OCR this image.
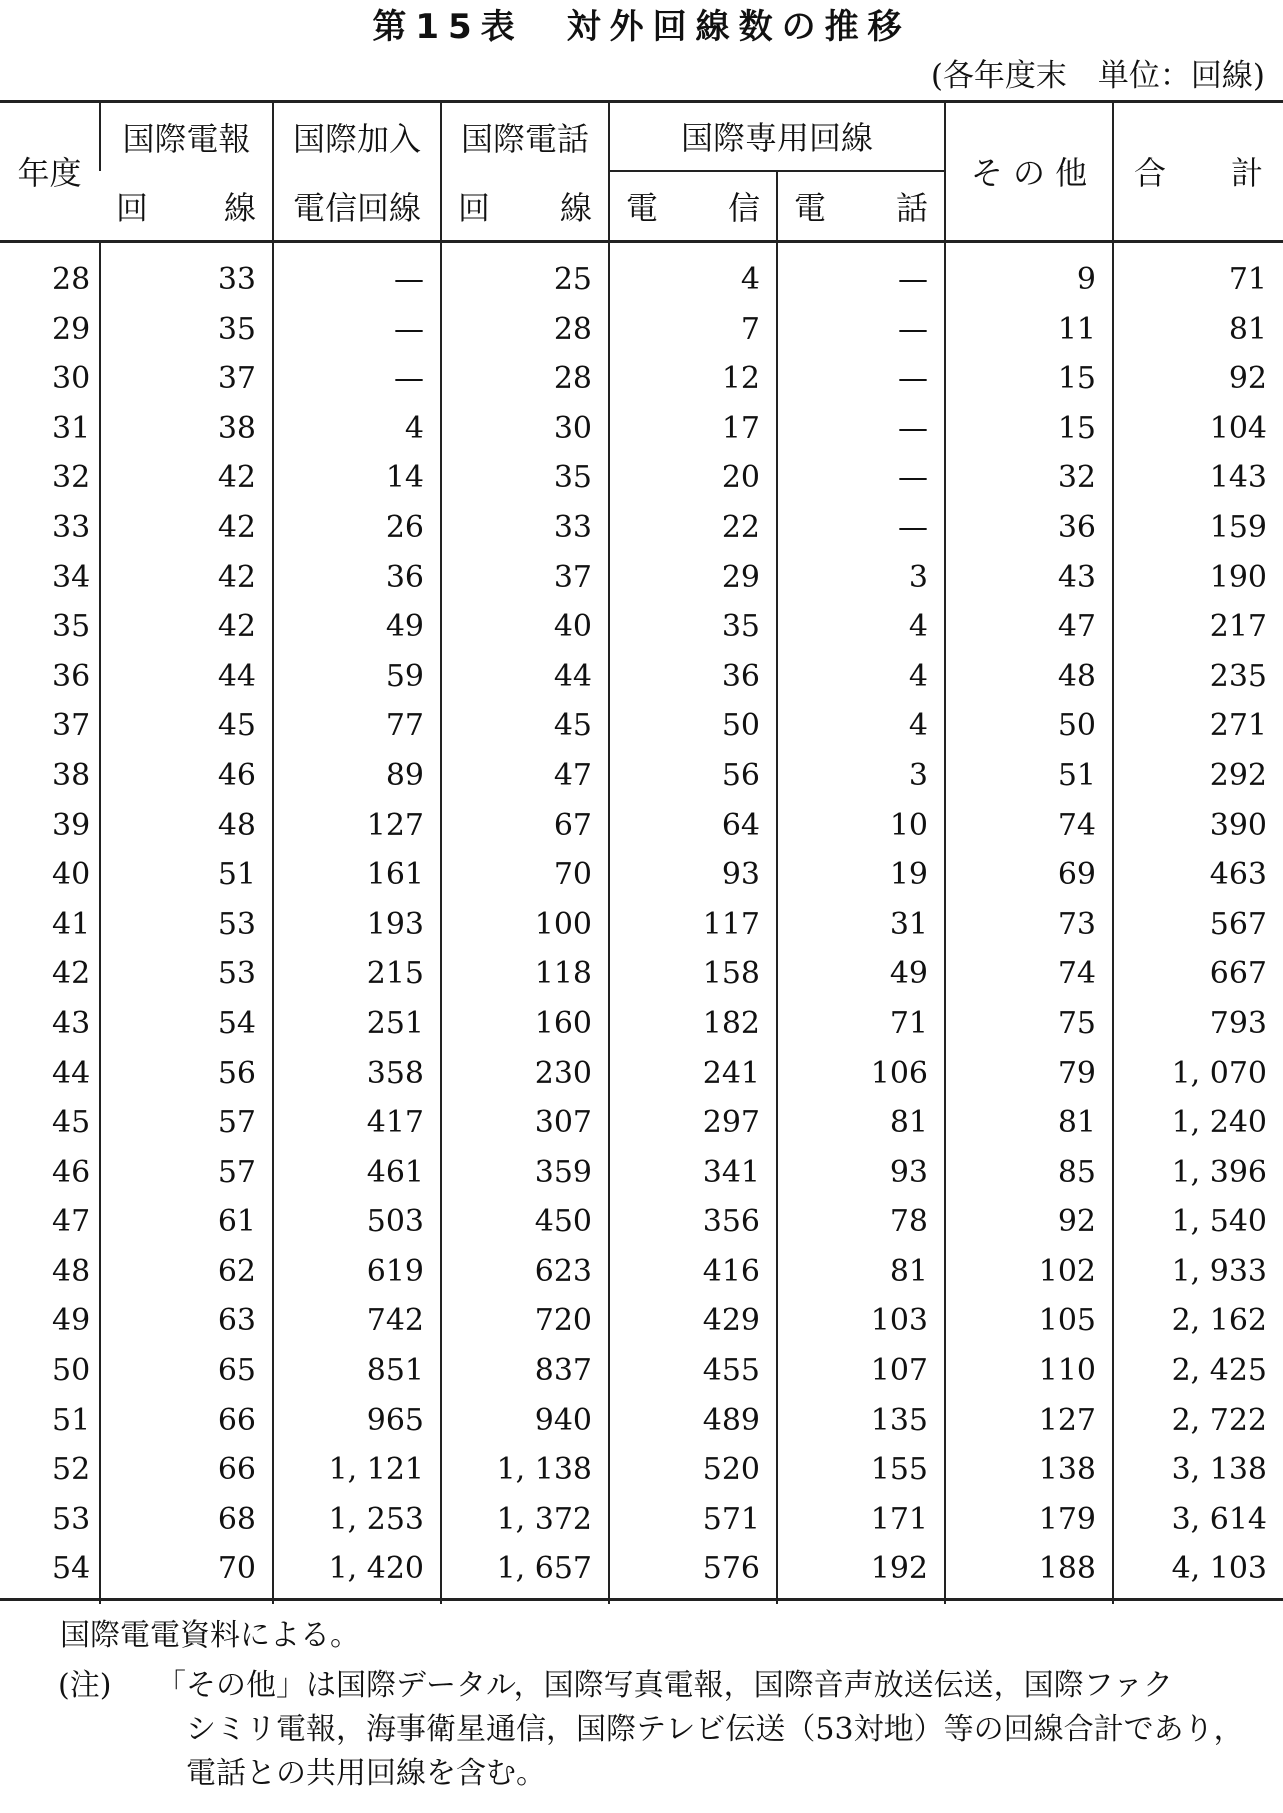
第15表　対外回線数の推移
(各年度末　単位：回線)
年度	国際電報	国際加入	国際電話	国際専用回線		そ の 他	合 計

	回 線	電信回線	回 線	電 信	電 話		

28	33	—	25	4	—	9	71
29	35	—	28	7	—	11	81
30	37	—	28	12	—	15	92
31	38	4	30	17	—	15	104
32	42	14	35	20	—	32	143
33	42	26	33	22	—	36	159
34	42	36	37	29	3	43	190
35	42	49	40	35	4	47	217
36	44	59	44	36	4	48	235
37	45	77	45	50	4	50	271
38	46	89	47	56	3	51	292
39	48	127	67	64	10	74	390
40	51	161	70	93	19	69	463
41	53	193	100	117	31	73	567
42	53	215	118	158	49	74	667
43	54	251	160	182	71	75	793
44	56	358	230	241	106	79	1, 070
45	57	417	307	297	81	81	1, 240
46	57	461	359	341	93	85	1, 396
47	61	503	450	356	78	92	1, 540
48	62	619	623	416	81	102	1, 933
49	63	742	720	429	103	105	2, 162
50	65	851	837	455	107	110	2, 425
51	66	965	940	489	135	127	2, 722
52	66	1, 121	1, 138	520	155	138	3, 138
53	68	1, 253	1, 372	571	171	179	3, 614
54	70	1, 420	1, 657	576	192	188	4, 103
国際電電資料による。
(注)	「その他」は国際データル，国際写真電報，国際音声放送伝送，国際ファク
シミリ電報，海事衛星通信，国際テレビ伝送（53対地）等の回線合計であり，
電話との共用回線を含む。
